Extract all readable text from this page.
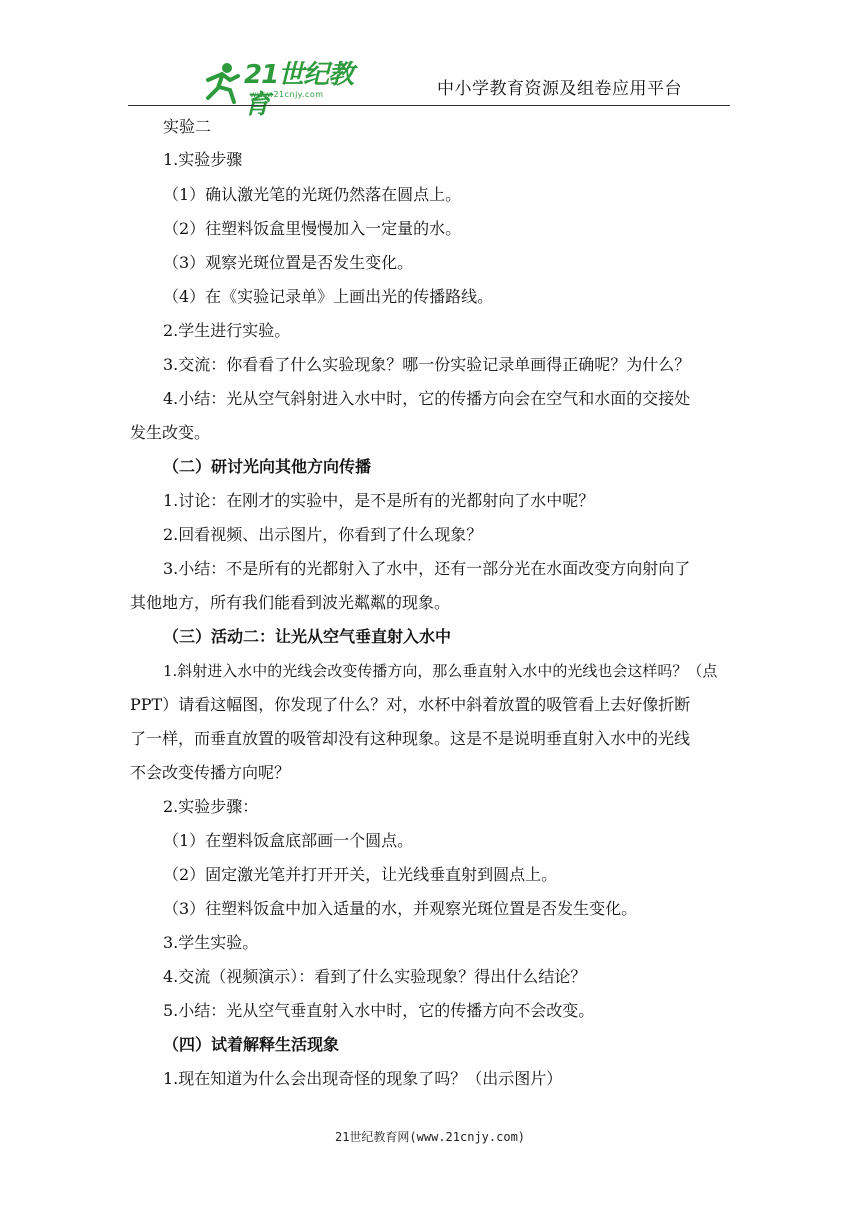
21世纪教育
www.21cnjy.com	中小学教育资源及组卷应用平台
实验二
1.实验步骤
（1）确认激光笔的光斑仍然落在圆点上。
（2）往塑料饭盒里慢慢加入一定量的水。
（3）观察光斑位置是否发生变化。
（4）在《实验记录单》上画出光的传播路线。
2.学生进行实验。
3.交流：你看看了什么实验现象？哪一份实验记录单画得正确呢？为什么？
4.小结：光从空气斜射进入水中时，它的传播方向会在空气和水面的交接处
发生改变。
（二）研讨光向其他方向传播
1.讨论：在刚才的实验中，是不是所有的光都射向了水中呢？
2.回看视频、出示图片，你看到了什么现象？
3.小结：不是所有的光都射入了水中，还有一部分光在水面改变方向射向了
其他地方，所有我们能看到波光粼粼的现象。
（三）活动二：让光从空气垂直射入水中
1.斜射进入水中的光线会改变传播方向，那么垂直射入水中的光线也会这样吗？（点
PPT）请看这幅图，你发现了什么？对，水杯中斜着放置的吸管看上去好像折断
了一样，而垂直放置的吸管却没有这种现象。这是不是说明垂直射入水中的光线
不会改变传播方向呢？
2.实验步骤：
（1）在塑料饭盒底部画一个圆点。
（2）固定激光笔并打开开关，让光线垂直射到圆点上。
（3）往塑料饭盒中加入适量的水，并观察光斑位置是否发生变化。
3.学生实验。
4.交流（视频演示）：看到了什么实验现象？得出什么结论？
5.小结：光从空气垂直射入水中时，它的传播方向不会改变。
（四）试着解释生活现象
1.现在知道为什么会出现奇怪的现象了吗？（出示图片）
21世纪教育网(www.21cnjy.com)
